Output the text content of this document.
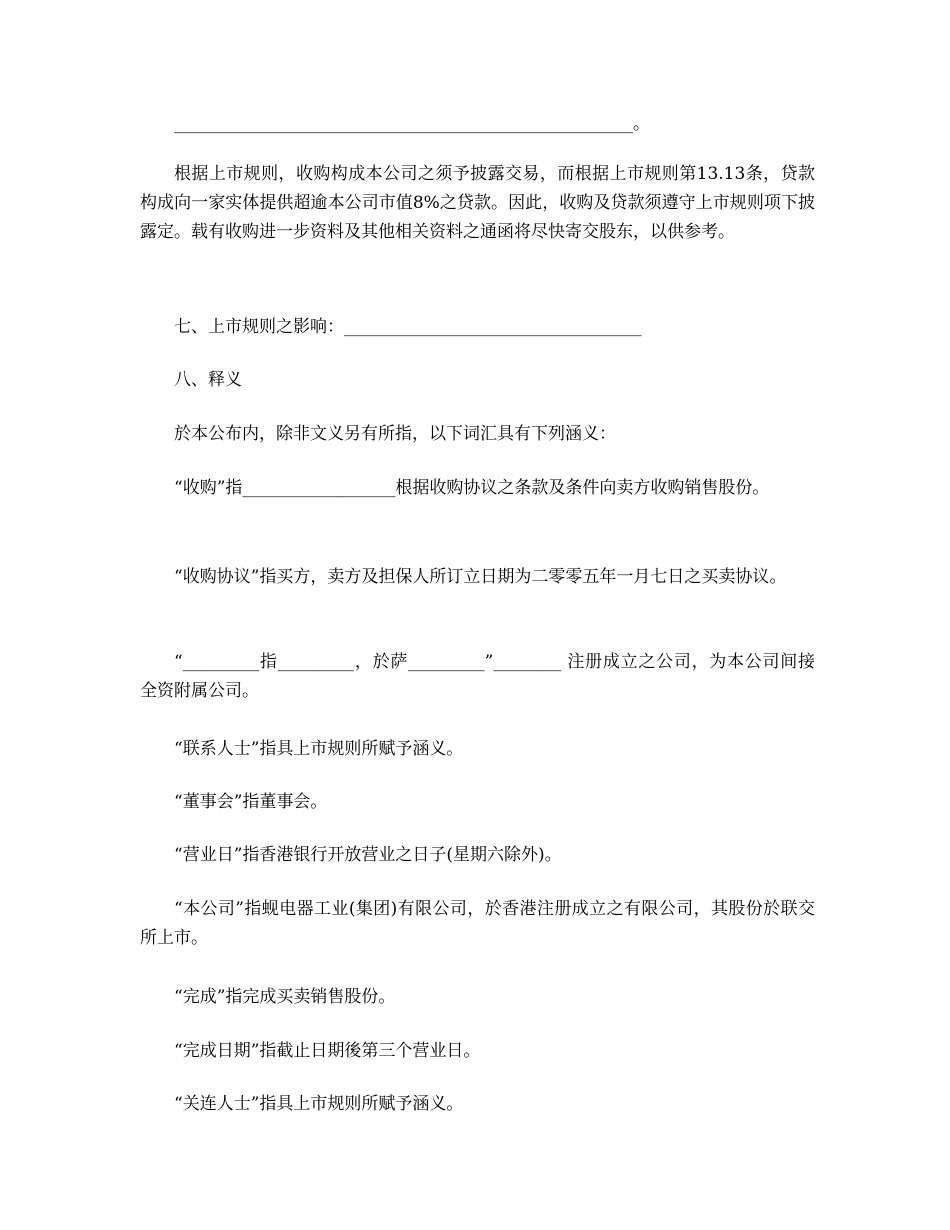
______________________________________________________。

根据上市规则，收购构成本公司之须予披露交易，而根据上市规则第13.13条，贷款构成向一家实体提供超逾本公司市值8%之贷款。因此，收购及贷款须遵守上市规则项下披露定。载有收购进一步资料及其他相关资料之通函将尽快寄交股东，以供参考。

七、上市规则之影响：___________________________________

八、释义

於本公布内，除非文义另有所指，以下词汇具有下列涵义：

“收购”指__________________根据收购协议之条款及条件向卖方收购销售股份。

“收购协议”指买方，卖方及担保人所订立日期为二零零五年一月七日之买卖协议。

“_________指_________，於萨_________”________ 注册成立之公司，为本公司间接全资附属公司。

“联系人士”指具上市规则所赋予涵义。

“董事会”指董事会。

“营业日”指香港银行开放营业之日子(星期六除外)。

“本公司”指蚬电器工业(集团)有限公司，於香港注册成立之有限公司，其股份於联交所上市。

“完成”指完成买卖销售股份。

“完成日期”指截止日期後第三个营业日。

“关连人士”指具上市规则所赋予涵义。
